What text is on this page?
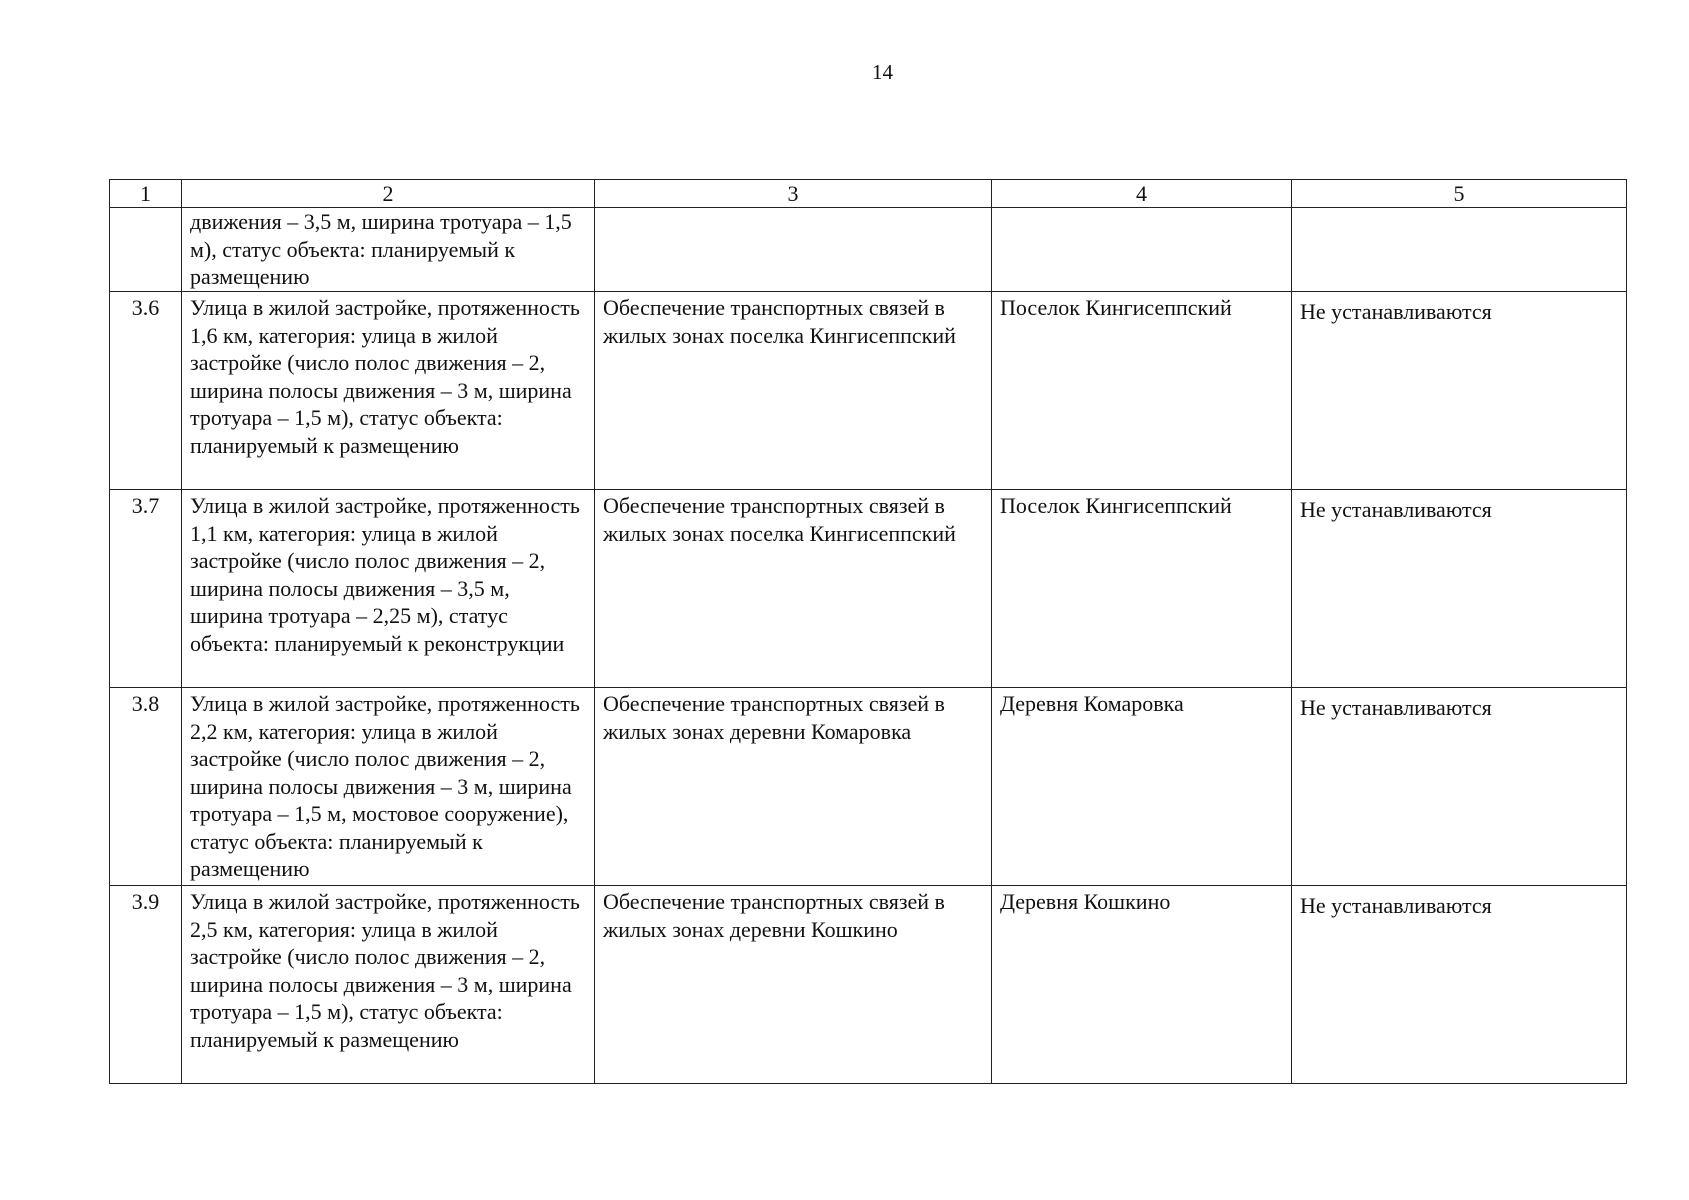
14
1	2	3	4	5
	движения – 3,5 м, ширина тротуара – 1,5 м), статус объекта: планируемый к размещению			
3.6	Улица в жилой застройке, протяженность 1,6 км, категория: улица в жилой застройке (число полос движения – 2, ширина полосы движения – 3 м, ширина тротуара – 1,5 м), статус объекта: планируемый к размещению	Обеспечение транспортных связей в жилых зонах поселка Кингисеппский	Поселок Кингисеппский	Не устанавливаются
3.7	Улица в жилой застройке, протяженность 1,1 км, категория: улица в жилой застройке (число полос движения – 2, ширина полосы движения – 3,5 м, ширина тротуара – 2,25 м), статус объекта: планируемый к реконструкции	Обеспечение транспортных связей в жилых зонах поселка Кингисеппский	Поселок Кингисеппский	Не устанавливаются
3.8	Улица в жилой застройке, протяженность 2,2 км, категория: улица в жилой застройке (число полос движения – 2, ширина полосы движения – 3 м, ширина тротуара – 1,5 м, мостовое сооружение), статус объекта: планируемый к размещению	Обеспечение транспортных связей в жилых зонах деревни Комаровка	Деревня Комаровка	Не устанавливаются
3.9	Улица в жилой застройке, протяженность 2,5 км, категория: улица в жилой застройке (число полос движения – 2, ширина полосы движения – 3 м, ширина тротуара – 1,5 м), статус объекта: планируемый к размещению	Обеспечение транспортных связей в жилых зонах деревни Кошкино	Деревня Кошкино	Не устанавливаются
